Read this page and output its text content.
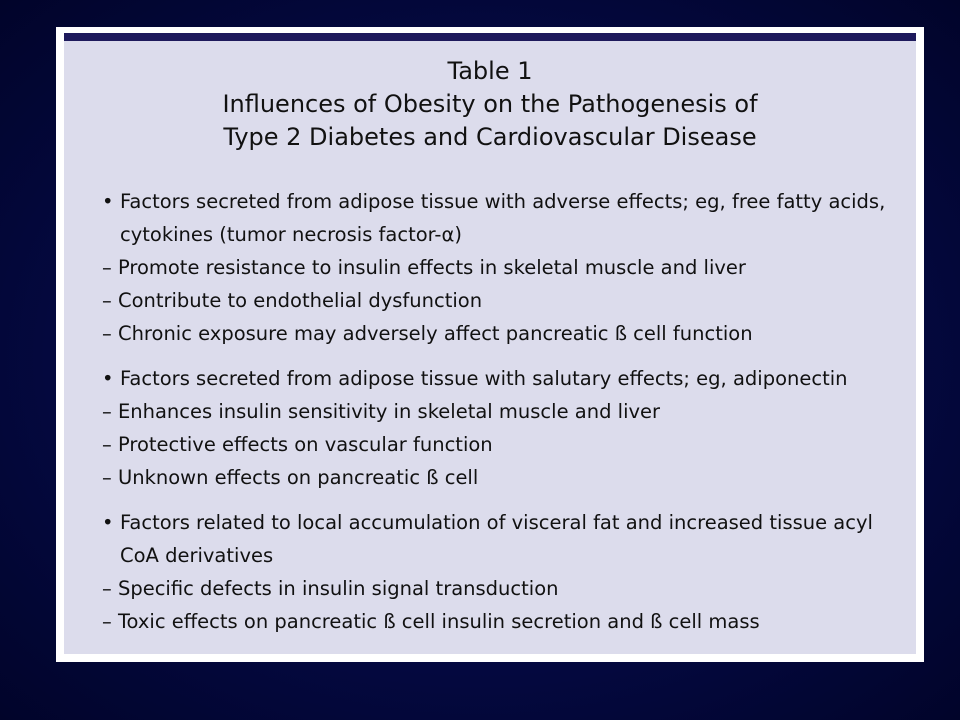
Table 1
Influences of Obesity on the Pathogenesis of
Type 2 Diabetes and Cardiovascular Disease
• Factors secreted from adipose tissue with adverse effects; eg, free fatty acids,
cytokines (tumor necrosis factor-α)
– Promote resistance to insulin effects in skeletal muscle and liver
– Contribute to endothelial dysfunction
– Chronic exposure may adversely affect pancreatic ß cell function
• Factors secreted from adipose tissue with salutary effects; eg, adiponectin
– Enhances insulin sensitivity in skeletal muscle and liver
– Protective effects on vascular function
– Unknown effects on pancreatic ß cell
• Factors related to local accumulation of visceral fat and increased tissue acyl
CoA derivatives
– Specific defects in insulin signal transduction
– Toxic effects on pancreatic ß cell insulin secretion and ß cell mass
